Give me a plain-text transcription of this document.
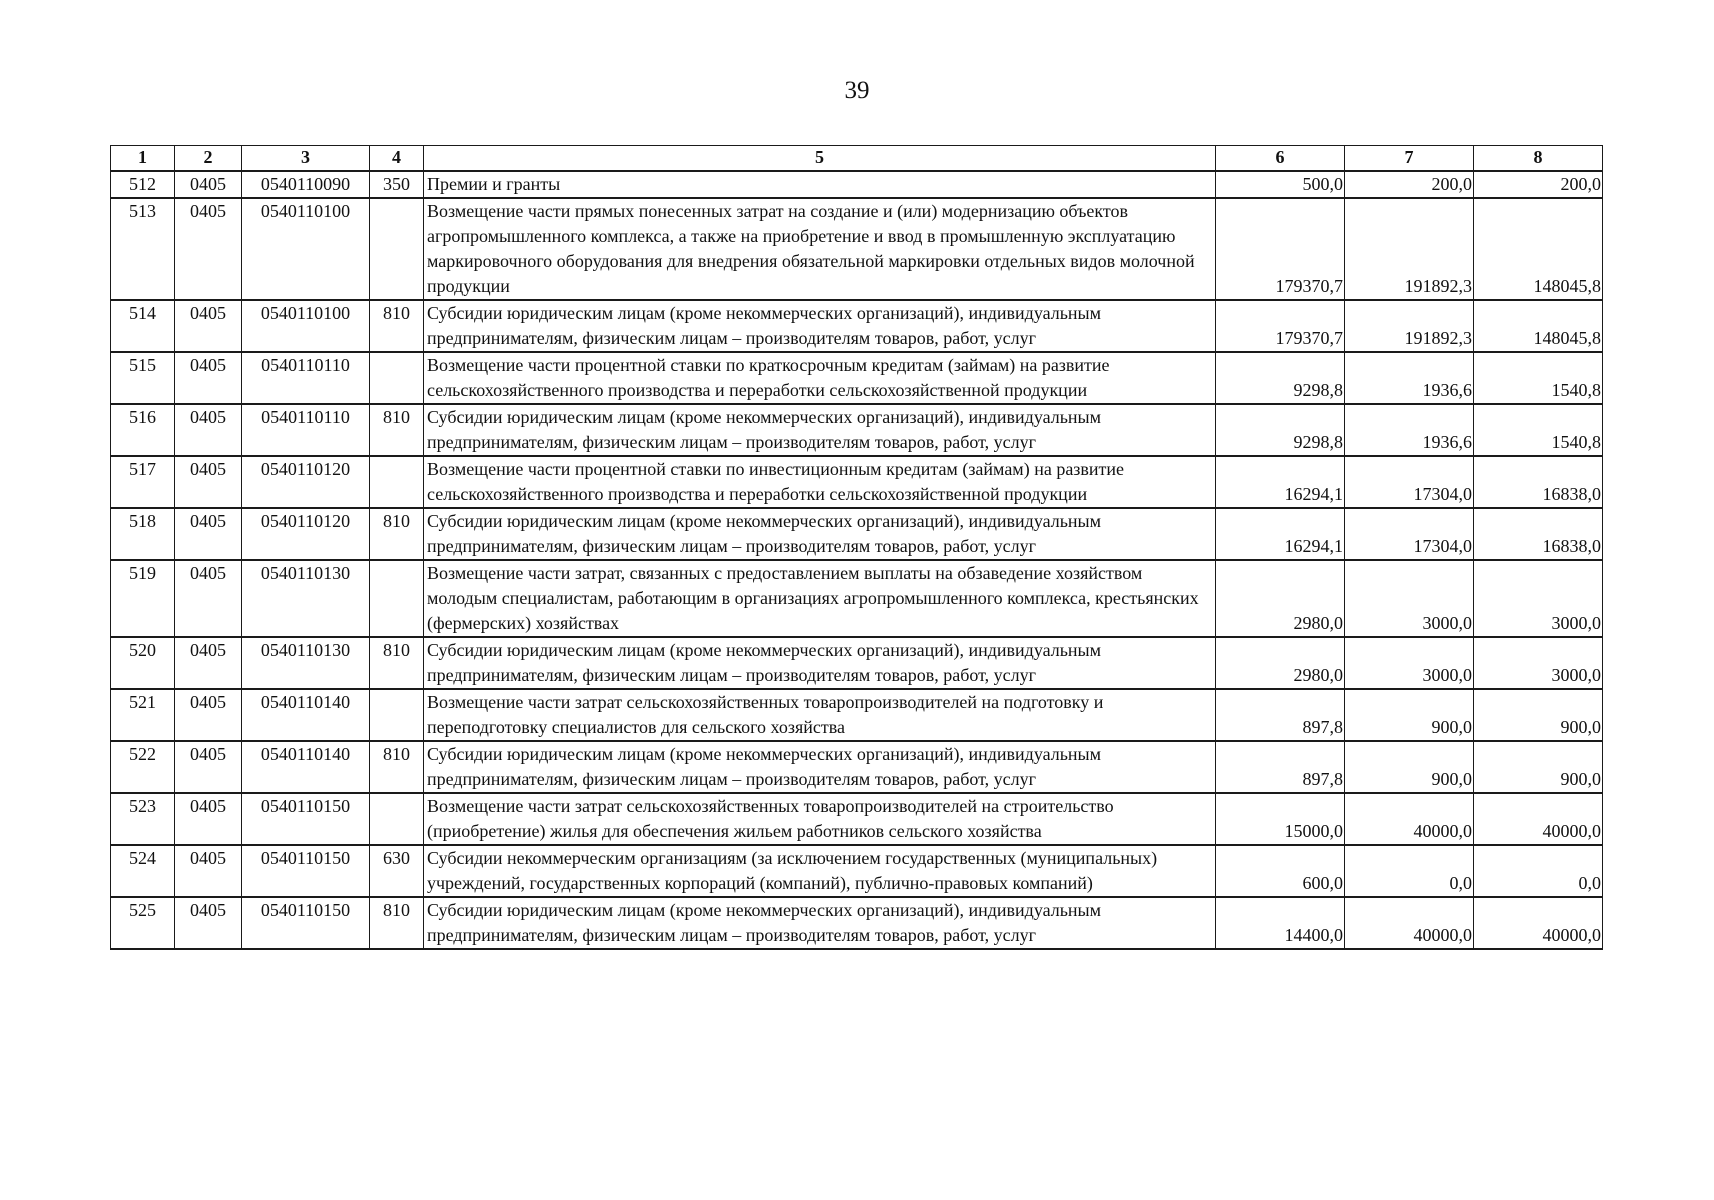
39
1	2	3	4	5	6	7	8
512	0405	0540110090	350	Премии и гранты	500,0	200,0	200,0
513	0405	0540110100		Возмещение части прямых понесенных затрат на создание и (или) модернизацию объектов агропромышленного комплекса, а также на приобретение и ввод в промышленную эксплуатацию маркировочного оборудования для внедрения обязательной маркировки отдельных видов молочной продукции	179370,7	191892,3	148045,8
514	0405	0540110100	810	Субсидии юридическим лицам (кроме некоммерческих организаций), индивидуальным предпринимателям, физическим лицам – производителям товаров, работ, услуг	179370,7	191892,3	148045,8
515	0405	0540110110		Возмещение части процентной ставки по краткосрочным кредитам (займам) на развитие сельскохозяйственного производства и переработки сельскохозяйственной продукции	9298,8	1936,6	1540,8
516	0405	0540110110	810	Субсидии юридическим лицам (кроме некоммерческих организаций), индивидуальным предпринимателям, физическим лицам – производителям товаров, работ, услуг	9298,8	1936,6	1540,8
517	0405	0540110120		Возмещение части процентной ставки по инвестиционным кредитам (займам) на развитие сельскохозяйственного производства и переработки сельскохозяйственной продукции	16294,1	17304,0	16838,0
518	0405	0540110120	810	Субсидии юридическим лицам (кроме некоммерческих организаций), индивидуальным предпринимателям, физическим лицам – производителям товаров, работ, услуг	16294,1	17304,0	16838,0
519	0405	0540110130		Возмещение части затрат, связанных с предоставлением выплаты на обзаведение хозяйством молодым специалистам, работающим в организациях агропромышленного комплекса, крестьянских (фермерских) хозяйствах	2980,0	3000,0	3000,0
520	0405	0540110130	810	Субсидии юридическим лицам (кроме некоммерческих организаций), индивидуальным предпринимателям, физическим лицам – производителям товаров, работ, услуг	2980,0	3000,0	3000,0
521	0405	0540110140		Возмещение части затрат сельскохозяйственных товаропроизводителей на подготовку и переподготовку специалистов для сельского хозяйства	897,8	900,0	900,0
522	0405	0540110140	810	Субсидии юридическим лицам (кроме некоммерческих организаций), индивидуальным предпринимателям, физическим лицам – производителям товаров, работ, услуг	897,8	900,0	900,0
523	0405	0540110150		Возмещение части затрат сельскохозяйственных товаропроизводителей на строительство (приобретение) жилья для обеспечения жильем работников сельского хозяйства	15000,0	40000,0	40000,0
524	0405	0540110150	630	Субсидии некоммерческим организациям (за исключением государственных (муниципальных) учреждений, государственных корпораций (компаний), публично-правовых компаний)	600,0	0,0	0,0
525	0405	0540110150	810	Субсидии юридическим лицам (кроме некоммерческих организаций), индивидуальным предпринимателям, физическим лицам – производителям товаров, работ, услуг	14400,0	40000,0	40000,0
